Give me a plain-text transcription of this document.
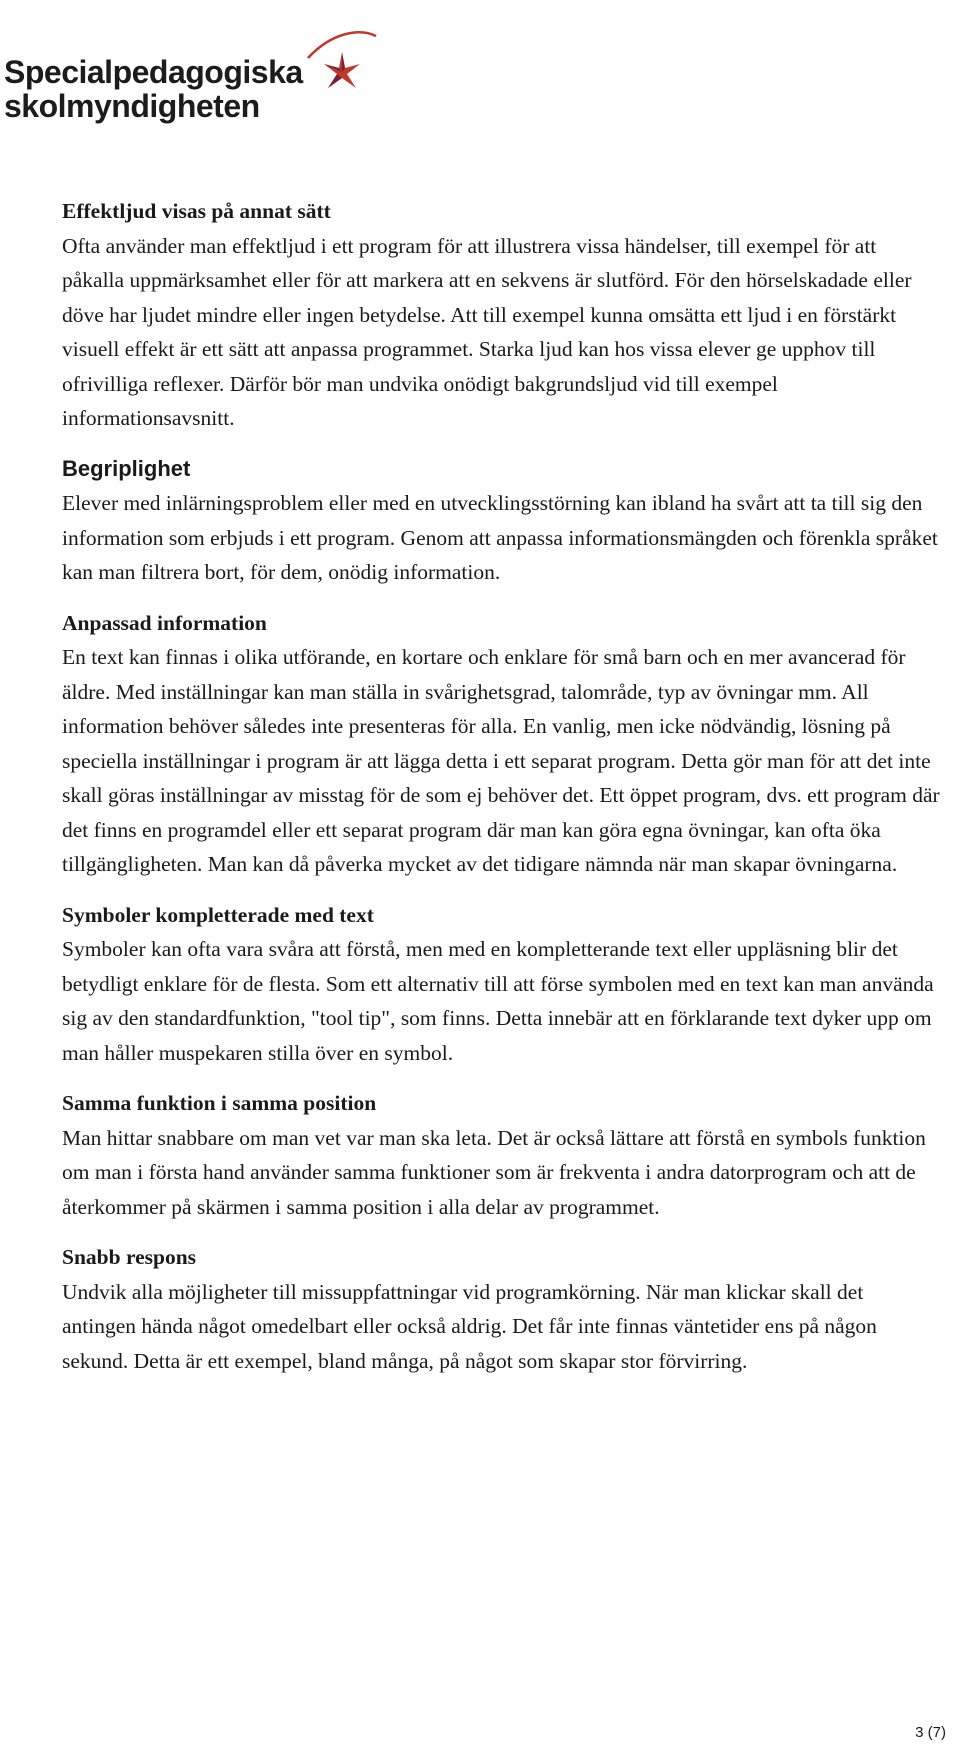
Specialpedagogiska
skolmyndigheten
Effektljud visas på annat sätt

Ofta använder man effektljud i ett program för att illustrera vissa händelser, till exempel för att påkalla uppmärksamhet eller för att markera att en sekvens är slutförd. För den hörselskadade eller döve har ljudet mindre eller ingen betydelse. Att till exempel kunna omsätta ett ljud i en förstärkt visuell effekt är ett sätt att anpassa programmet. Starka ljud kan hos vissa elever ge upphov till ofrivilliga reflexer. Därför bör man undvika onödigt bakgrundsljud vid till exempel informationsavsnitt.

Begriplighet

Elever med inlärningsproblem eller med en utvecklingsstörning kan ibland ha svårt att ta till sig den information som erbjuds i ett program. Genom att anpassa informationsmängden och förenkla språket kan man filtrera bort, för dem, onödig information.

Anpassad information

En text kan finnas i olika utförande, en kortare och enklare för små barn och en mer avancerad för äldre. Med inställningar kan man ställa in svårighetsgrad, talområde, typ av övningar mm. All information behöver således inte presenteras för alla. En vanlig, men icke nödvändig, lösning på speciella inställningar i program är att lägga detta i ett separat program. Detta gör man för att det inte skall göras inställningar av misstag för de som ej behöver det. Ett öppet program, dvs. ett program där det finns en programdel eller ett separat program där man kan göra egna övningar, kan ofta öka tillgängligheten. Man kan då påverka mycket av det tidigare nämnda när man skapar övningarna.

Symboler kompletterade med text

Symboler kan ofta vara svåra att förstå, men med en kompletterande text eller uppläsning blir det betydligt enklare för de flesta. Som ett alternativ till att förse symbolen med en text kan man använda sig av den standardfunktion, "tool tip", som finns. Detta innebär att en förklarande text dyker upp om man håller muspekaren stilla över en symbol.

Samma funktion i samma position

Man hittar snabbare om man vet var man ska leta. Det är också lättare att förstå en symbols funktion om man i första hand använder samma funktioner som är frekventa i andra datorprogram och att de återkommer på skärmen i samma position i alla delar av programmet.

Snabb respons

Undvik alla möjligheter till missuppfattningar vid programkörning. När man klickar skall det antingen hända något omedelbart eller också aldrig. Det får inte finnas väntetider ens på någon sekund. Detta är ett exempel, bland många, på något som skapar stor förvirring.

3 (7)
